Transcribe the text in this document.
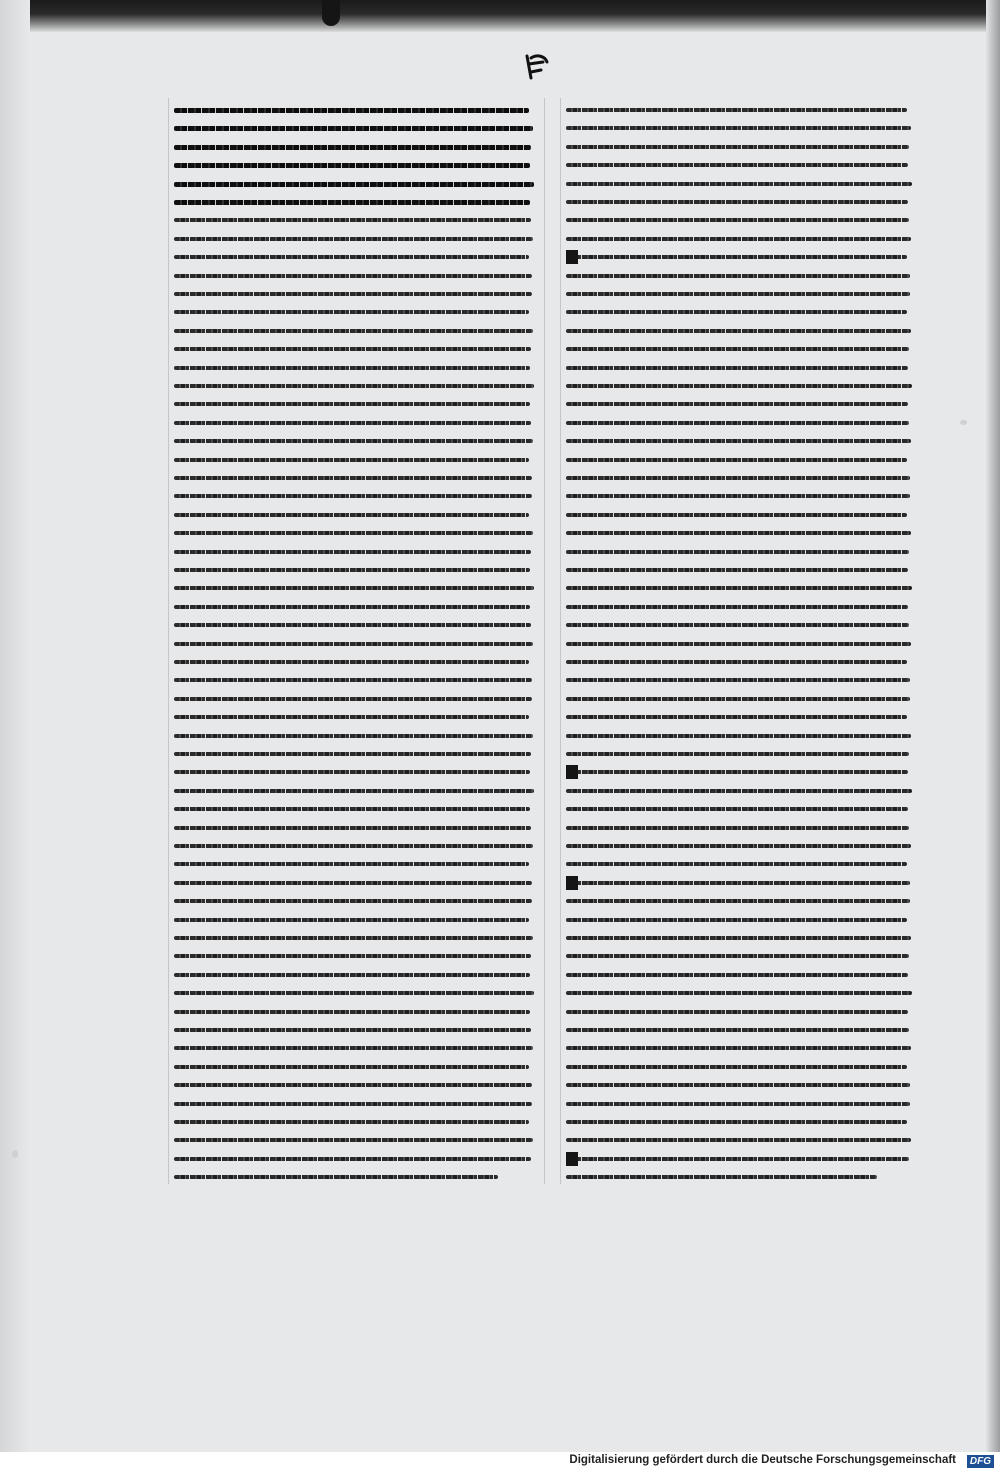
Digitalisierung gefördert durch die Deutsche Forschungsgemeinschaft	DFG
